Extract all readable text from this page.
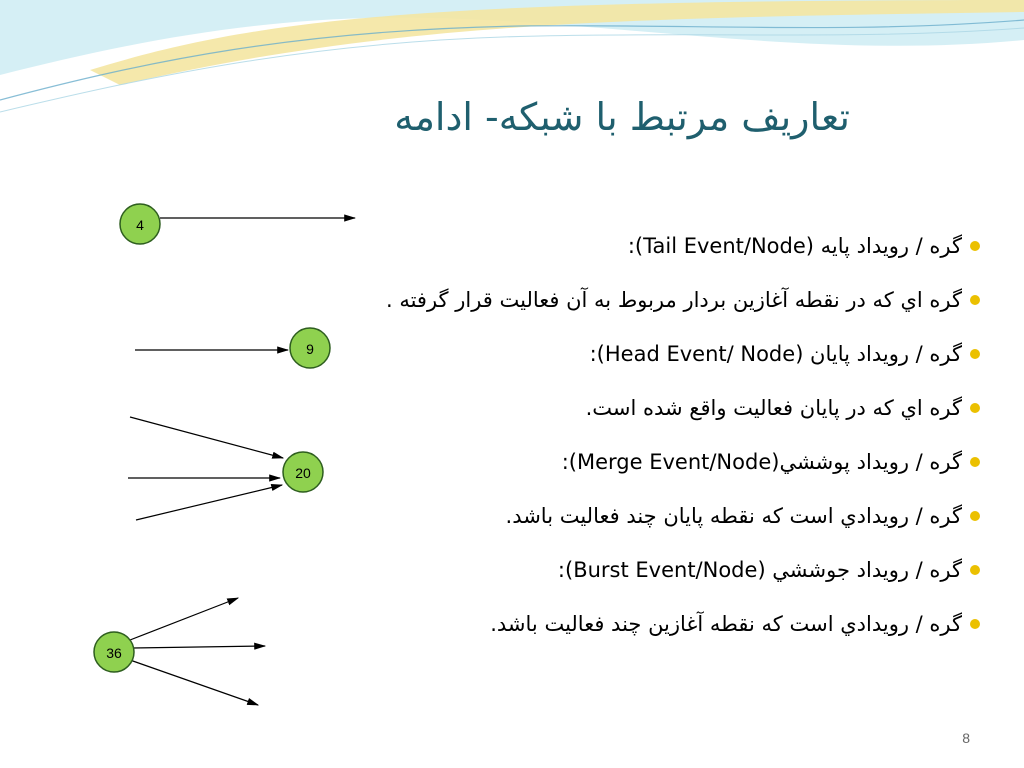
تعاريف مرتبط با شبكه- ادامه
گره / رويداد پايه (Tail Event/Node):
گره اي كه در نقطه آغازين بردار مربوط به آن فعاليت قرار گرفته .
گره / رويداد پايان (Head Event/ Node):
گره اي كه در پايان فعاليت واقع شده است.
گره / رويداد پوششي(Merge Event/Node):
گره / رويدادي است كه نقطه پايان چند فعاليت باشد.
گره / رويداد جوششي (Burst Event/Node):
گره / رويدادي است كه نقطه آغازين چند فعاليت باشد.
4
9
20
36
8
